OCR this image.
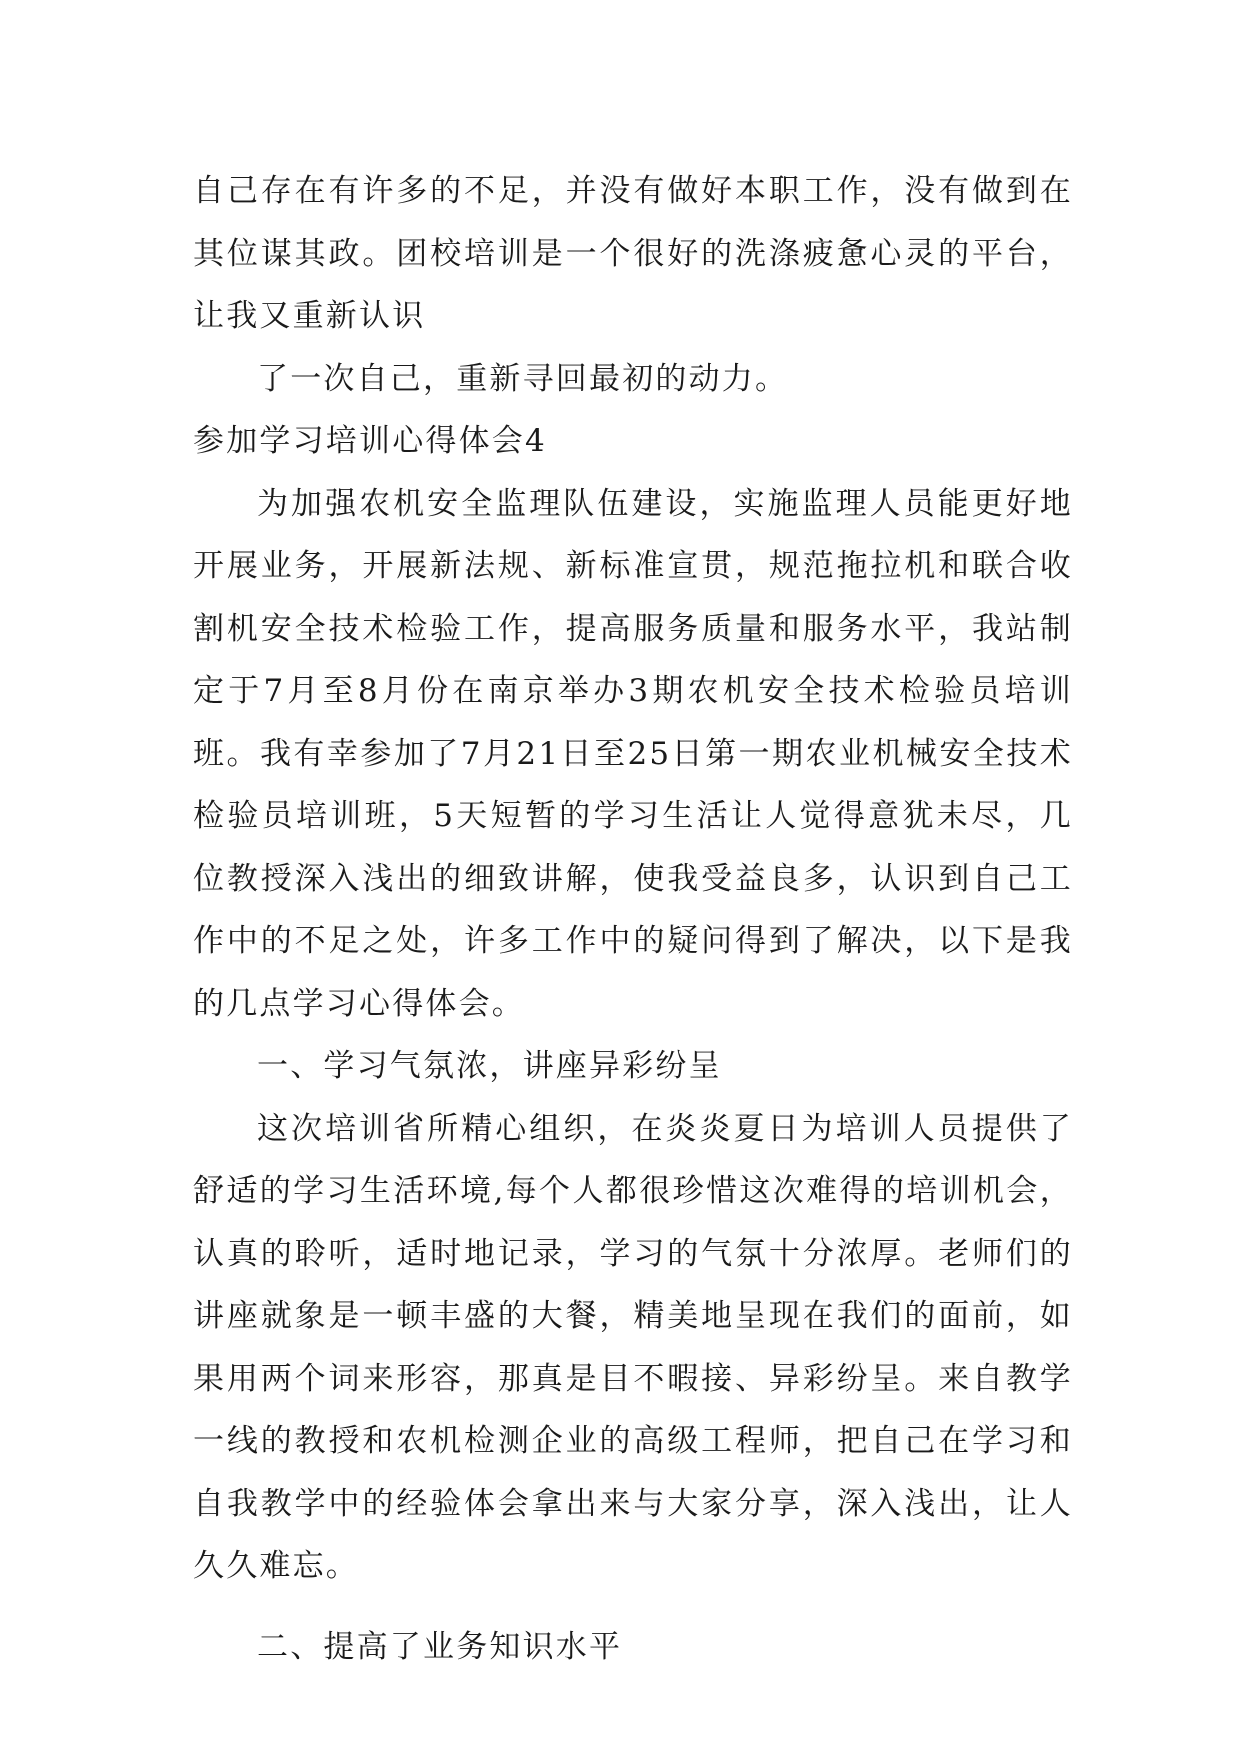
自己存在有许多的不足，并没有做好本职工作，没有做到在其位谋其政。团校培训是一个很好的洗涤疲惫心灵的平台，让我又重新认识

了一次自己，重新寻回最初的动力。

参加学习培训心得体会4

为加强农机安全监理队伍建设，实施监理人员能更好地开展业务，开展新法规、新标准宣贯，规范拖拉机和联合收割机安全技术检验工作，提高服务质量和服务水平，我站制定于7月至8月份在南京举办3期农机安全技术检验员培训班。我有幸参加了7月21日至25日第一期农业机械安全技术检验员培训班，5天短暂的学习生活让人觉得意犹未尽，几位教授深入浅出的细致讲解，使我受益良多，认识到自己工作中的不足之处，许多工作中的疑问得到了解决，以下是我的几点学习心得体会。

一、学习气氛浓，讲座异彩纷呈

这次培训省所精心组织，在炎炎夏日为培训人员提供了舒适的学习生活环境,每个人都很珍惜这次难得的培训机会，认真的聆听，适时地记录，学习的气氛十分浓厚。老师们的讲座就象是一顿丰盛的大餐，精美地呈现在我们的面前，如果用两个词来形容，那真是目不暇接、异彩纷呈。来自教学一线的教授和农机检测企业的高级工程师，把自己在学习和自我教学中的经验体会拿出来与大家分享，深入浅出，让人久久难忘。

二、提高了业务知识水平
